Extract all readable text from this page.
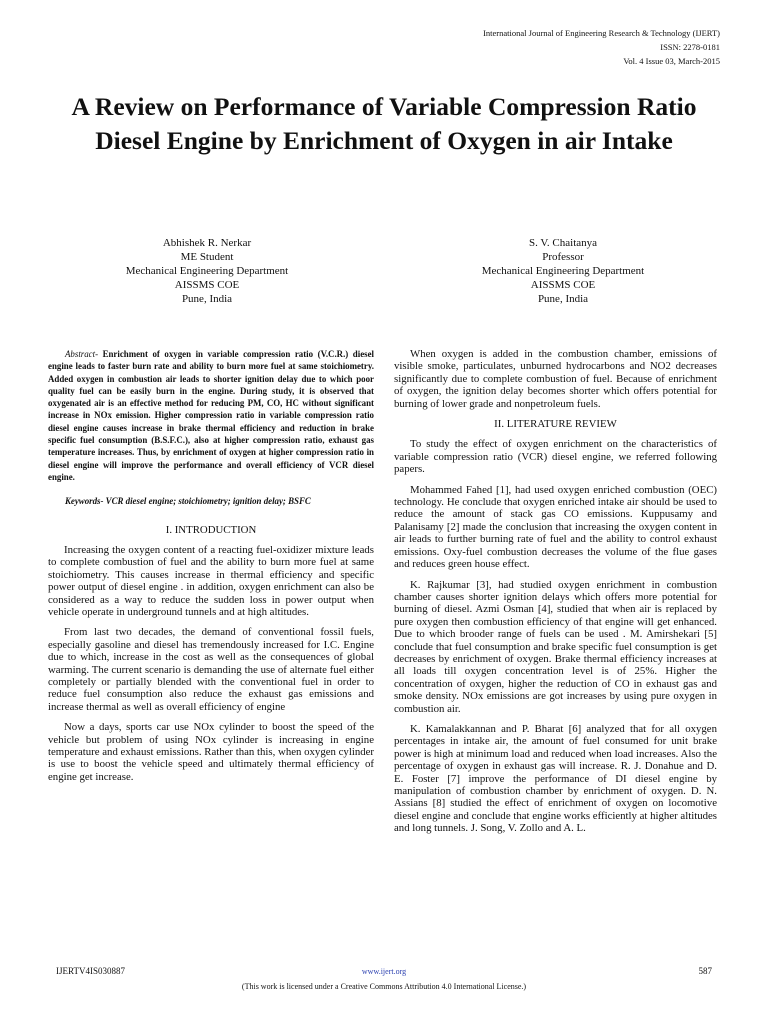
International Journal of Engineering Research & Technology (IJERT)
ISSN: 2278-0181
Vol. 4 Issue 03, March-2015
A Review on Performance of Variable Compression Ratio Diesel Engine by Enrichment of Oxygen in air Intake
Abhishek R. Nerkar
ME Student
Mechanical Engineering Department
AISSMS COE
Pune, India
S. V. Chaitanya
Professor
Mechanical Engineering Department
AISSMS COE
Pune, India

Abstract- Enrichment of oxygen in variable compression ratio (V.C.R.) diesel engine leads to faster burn rate and ability to burn more fuel at same stoichiometry. Added oxygen in combustion air leads to shorter ignition delay due to which poor quality fuel can be easily burn in the engine. During study, it is observed that oxygenated air is an effective method for reducing PM, CO, HC without significant increase in NOx emission. Higher compression ratio in variable compression ratio diesel engine causes increase in brake thermal efficiency and reduction in brake specific fuel consumption (B.S.F.C.), also at higher compression ratio, exhaust gas temperature increases. Thus, by enrichment of oxygen at higher compression ratio in diesel engine will improve the performance and overall efficiency of VCR diesel engine.

Keywords- VCR diesel engine; stoichiometry; ignition delay; BSFC

I. INTRODUCTION

Increasing the oxygen content of a reacting fuel-oxidizer mixture leads to complete combustion of fuel and the ability to burn more fuel at same stoichiometry. This causes increase in thermal efficiency and specific power output of diesel engine . in addition, oxygen enrichment can also be considered as a way to reduce the sudden loss in power output when vehicle operate in underground tunnels and at high altitudes.

From last two decades, the demand of conventional fossil fuels, especially gasoline and diesel has tremendously increased for I.C. Engine due to which, increase in the cost as well as the consequences of global warming. The current scenario is demanding the use of alternate fuel either completely or partially blended with the conventional fuel in order to reduce fuel consumption also reduce the exhaust gas emissions and increase thermal as well as overall efficiency of engine

Now a days, sports car use NOx cylinder to boost the speed of the vehicle but problem of using NOx cylinder is increasing in engine temperature and exhaust emissions. Rather than this, when oxygen cylinder is use to boost the vehicle speed and ultimately thermal efficiency of engine get increase.

When oxygen is added in the combustion chamber, emissions of visible smoke, particulates, unburned hydrocarbons and NO2 decreases significantly due to complete combustion of fuel. Because of enrichment of oxygen, the ignition delay becomes shorter which offers potential for burning of lower grade and nonpetroleum fuels.

II. LITERATURE REVIEW

To study the effect of oxygen enrichment on the characteristics of variable compression ratio (VCR) diesel engine, we referred following papers.

Mohammed Fahed [1], had used oxygen enriched combustion (OEC) technology. He conclude that oxygen enriched intake air should be used to reduce the amount of stack gas CO emissions. Kuppusamy and Palanisamy [2] made the conclusion that increasing the oxygen content in air leads to further burning rate of fuel and the ability to control exhaust emissions. Oxy-fuel combustion decreases the volume of the flue gases and reduces green house effect.

K. Rajkumar [3], had studied oxygen enrichment in combustion chamber causes shorter ignition delays which offers more potential for burning of diesel. Azmi Osman [4], studied that when air is replaced by pure oxygen then combustion efficiency of that engine will get enhanced. Due to which brooder range of fuels can be used . M. Amirshekari [5] conclude that fuel consumption and brake specific fuel consumption is get decreases by enrichment of oxygen. Brake thermal efficiency increases at all loads till oxygen concentration level is of 25%. Higher the concentration of oxygen, higher the reduction of CO in exhaust gas and smoke density. NOx emissions are got increases by using pure oxygen in combustion air.

K. Kamalakkannan and P. Bharat [6] analyzed that for all oxygen percentages in intake air, the amount of fuel consumed for unit brake power is high at minimum load and reduced when load increases. Also the percentage of oxygen in exhaust gas will increase. R. J. Donahue and D. E. Foster [7] improve the performance of DI diesel engine by manipulation of combustion chamber by enrichment of oxygen. D. N. Assians [8] studied the effect of enrichment of oxygen on locomotive diesel engine and conclude that engine works efficiently at higher altitudes and long tunnels. J. Song, V. Zollo and A. L.

IJERTV4IS030887	www.ijert.org	587
(This work is licensed under a Creative Commons Attribution 4.0 International License.)
